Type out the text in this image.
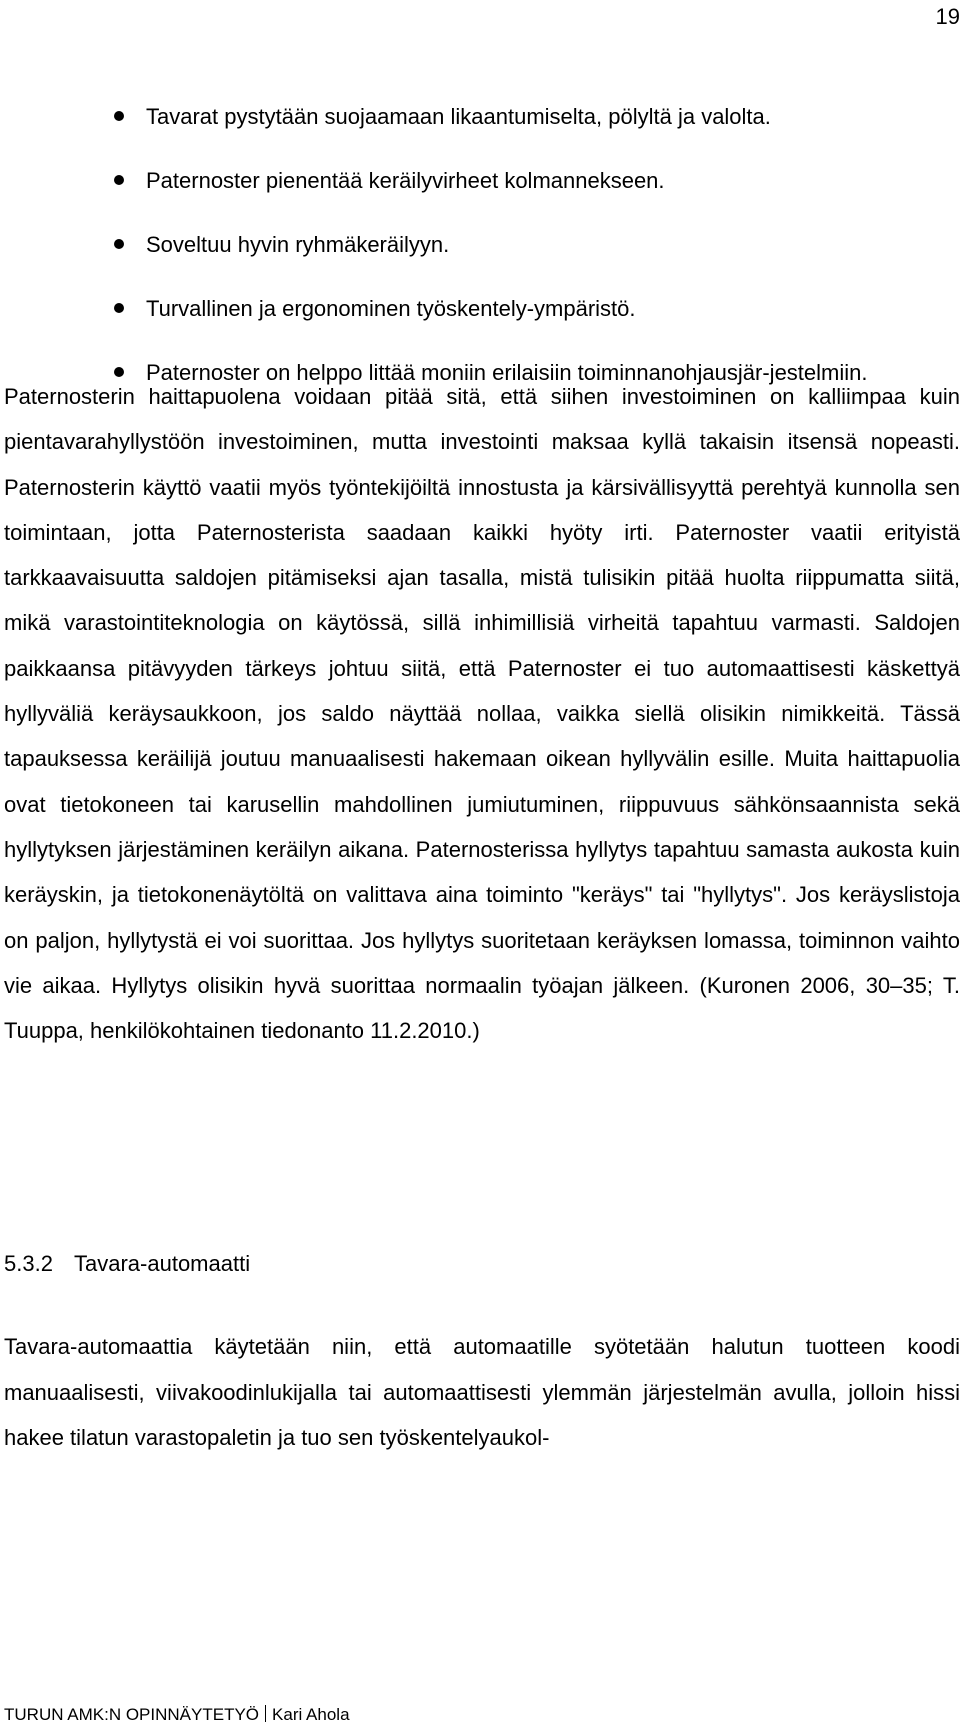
19
Tavarat pystytään suojaamaan likaantumiselta, pölyltä ja valolta.
Paternoster pienentää keräilyvirheet kolmannekseen.
Soveltuu hyvin ryhmäkeräilyyn.
Turvallinen ja ergonominen työskentely-ympäristö.
Paternoster on helppo littää moniin erilaisiin toiminnanohjausjär-jestelmiin.

Paternosterin haittapuolena voidaan pitää sitä, että siihen investoiminen on kalliimpaa kuin pientavarahyllystöön investoiminen, mutta investointi maksaa kyllä takaisin itsensä nopeasti. Paternosterin käyttö vaatii myös työntekijöiltä innostusta ja kärsivällisyyttä perehtyä kunnolla sen toimintaan, jotta Paternosterista saadaan kaikki hyöty irti. Paternoster vaatii erityistä tarkkaavaisuutta saldojen pitämiseksi ajan tasalla, mistä tulisikin pitää huolta riippumatta siitä, mikä varastointiteknologia on käytössä, sillä inhimillisiä virheitä tapahtuu varmasti. Saldojen paikkaansa pitävyyden tärkeys johtuu siitä, että Paternoster ei tuo automaattisesti käskettyä hyllyväliä keräysaukkoon, jos saldo näyttää nollaa, vaikka siellä olisikin nimikkeitä. Tässä tapauksessa keräilijä joutuu manuaalisesti hakemaan oikean hyllyvälin esille. Muita haittapuolia ovat tietokoneen tai karusellin mahdollinen jumiutuminen, riippuvuus sähkönsaannista sekä hyllytyksen järjestäminen keräilyn aikana. Paternosterissa hyllytys tapahtuu samasta aukosta kuin keräyskin, ja tietokonenäytöltä on valittava aina toiminto "keräys" tai "hyllytys". Jos keräyslistoja on paljon, hyllytystä ei voi suorittaa. Jos hyllytys suoritetaan keräyksen lomassa, toiminnon vaihto vie aikaa. Hyllytys olisikin hyvä suorittaa normaalin työajan jälkeen. (Kuronen 2006, 30–35; T. Tuuppa, henkilökohtainen tiedonanto 11.2.2010.)

5.3.2 Tavara-automaatti

Tavara-automaattia käytetään niin, että automaatille syötetään halutun tuotteen koodi manuaalisesti, viivakoodinlukijalla tai automaattisesti ylemmän järjestelmän avulla, jolloin hissi hakee tilatun varastopaletin ja tuo sen työskentelyaukol-

TURUN AMK:N OPINNÄYTETYÖ Kari Ahola
